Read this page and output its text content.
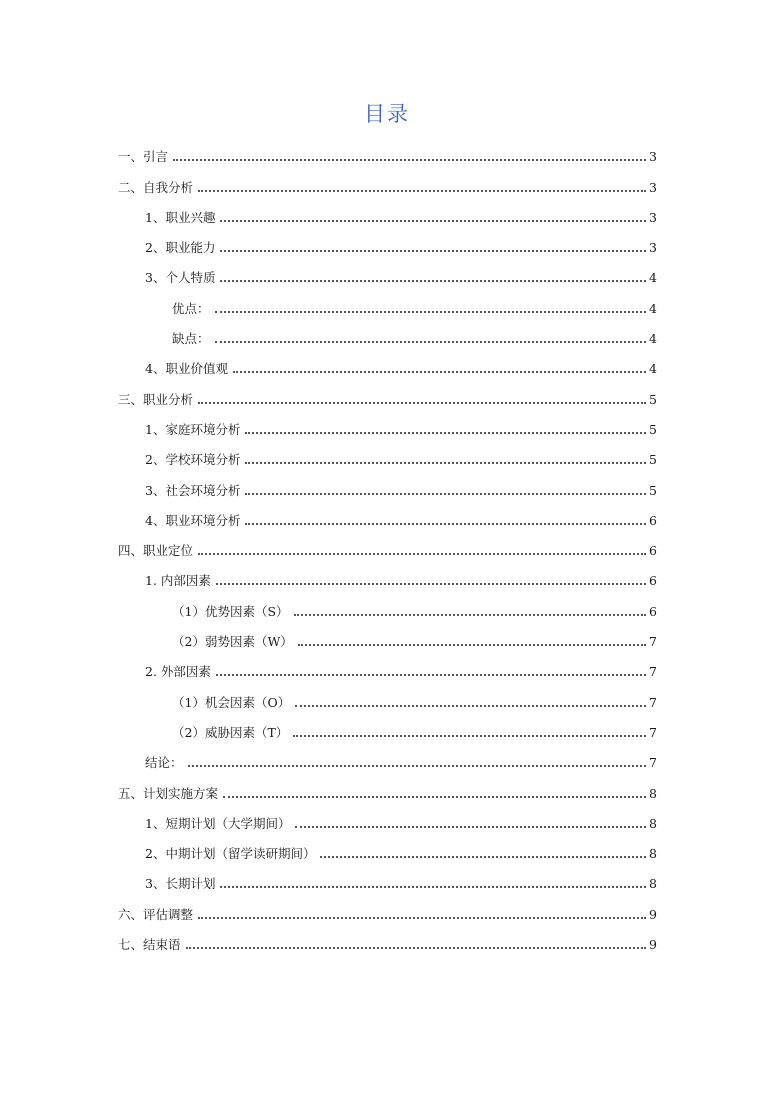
目录
一、引言	3
二、自我分析	3
1、职业兴趣	3
2、职业能力	3
3、个人特质	4
优点：	4
缺点：	4
4、职业价值观	4
三、职业分析	5
1、家庭环境分析	5
2、学校环境分析	5
3、社会环境分析	5
4、职业环境分析	6
四、职业定位	6
1. 内部因素	6
（1）优势因素（S）	6
（2）弱势因素（W）	7
2. 外部因素	7
（1）机会因素（O）	7
（2）威胁因素（T）	7
结论：	7
五、计划实施方案	8
1、短期计划（大学期间）	8
2、中期计划（留学读研期间）	8
3、长期计划	8
六、评估调整	9
七、结束语	9
